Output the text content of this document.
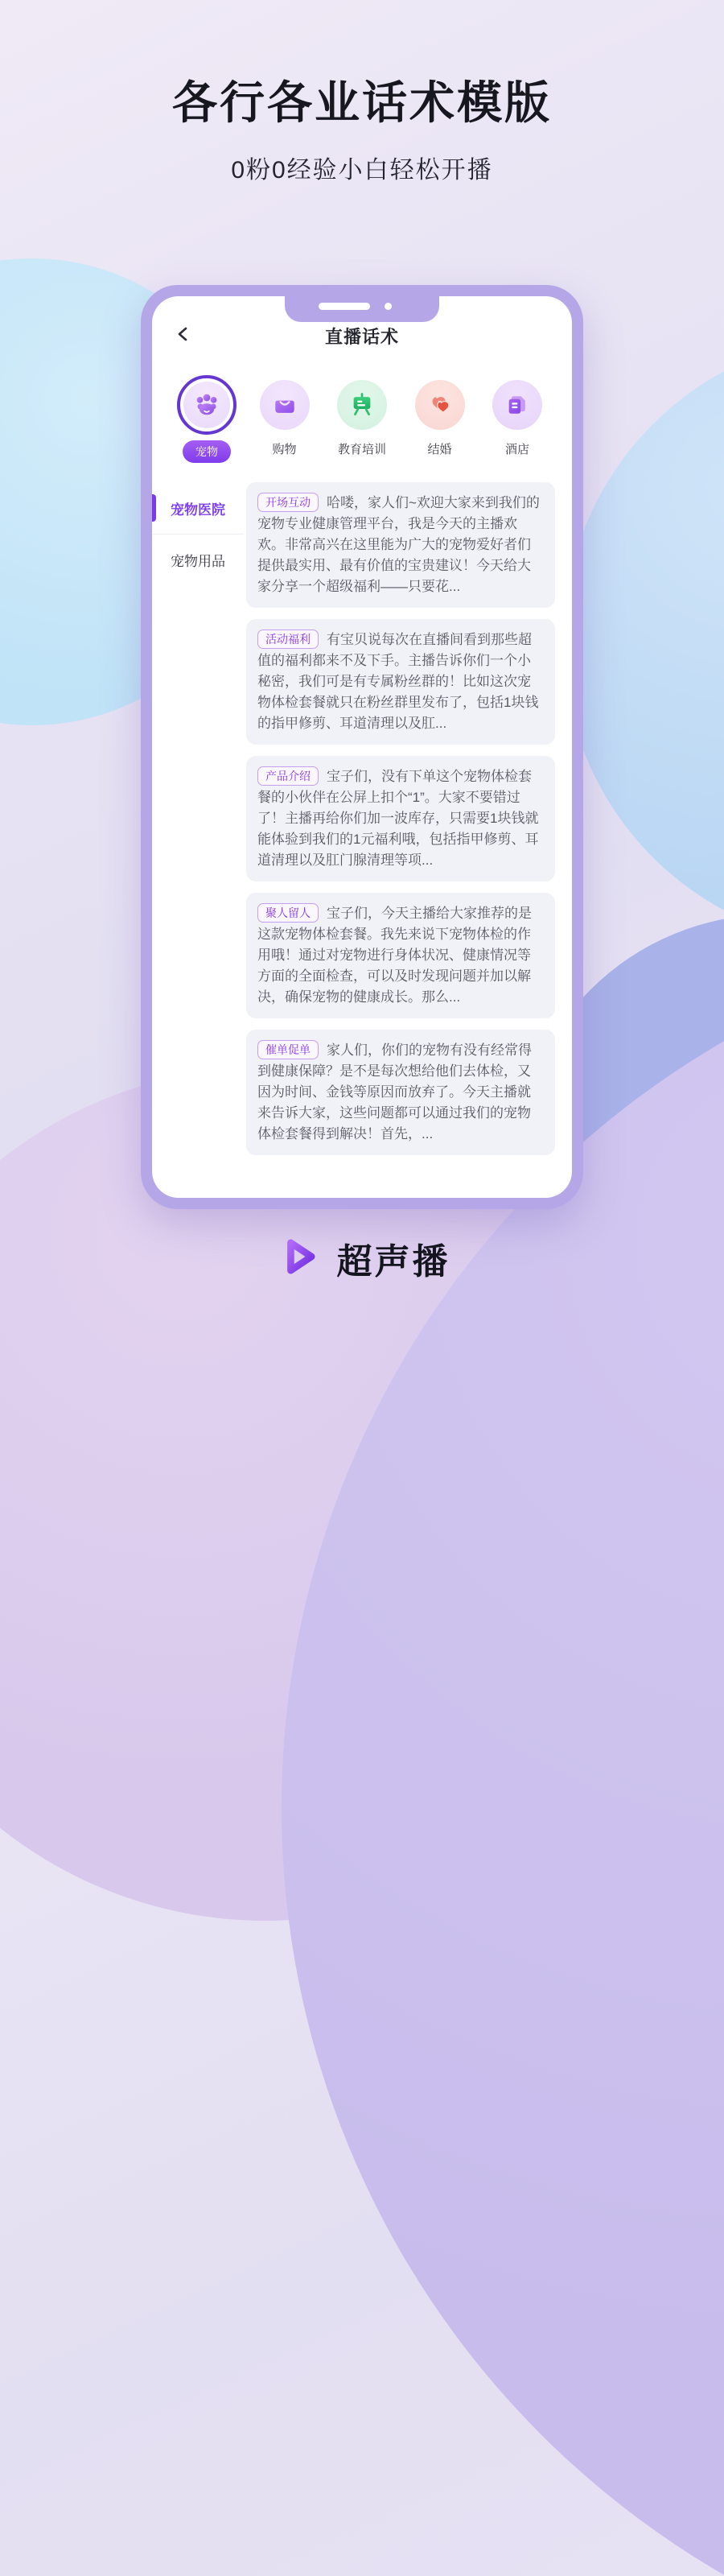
各行各业话术模版
0粉0经验小白轻松开播
直播话术
宠物	购物	教育培训	结婚	酒店
宠物医院
宠物用品
开场互动 哈喽，家人们~欢迎大家来到我们的宠物专业健康管理平台，我是今天的主播欢欢。非常高兴在这里能为广大的宠物爱好者们提供最实用、最有价值的宝贵建议！今天给大家分享一个超级福利——只要花...
活动福利 有宝贝说每次在直播间看到那些超值的福利都来不及下手。主播告诉你们一个小秘密，我们可是有专属粉丝群的！比如这次宠物体检套餐就只在粉丝群里发布了，包括1块钱的指甲修剪、耳道清理以及肛...
产品介绍 宝子们，没有下单这个宠物体检套餐的小伙伴在公屏上扣个“1”。大家不要错过了！主播再给你们加一波库存，只需要1块钱就能体验到我们的1元福利哦，包括指甲修剪、耳道清理以及肛门腺清理等项...
聚人留人 宝子们，今天主播给大家推荐的是这款宠物体检套餐。我先来说下宠物体检的作用哦！通过对宠物进行身体状况、健康情况等方面的全面检查，可以及时发现问题并加以解决，确保宠物的健康成长。那么...
催单促单 家人们，你们的宠物有没有经常得到健康保障？是不是每次想给他们去体检，又因为时间、金钱等原因而放弃了。今天主播就来告诉大家，这些问题都可以通过我们的宠物体检套餐得到解决！首先，...
超声播
